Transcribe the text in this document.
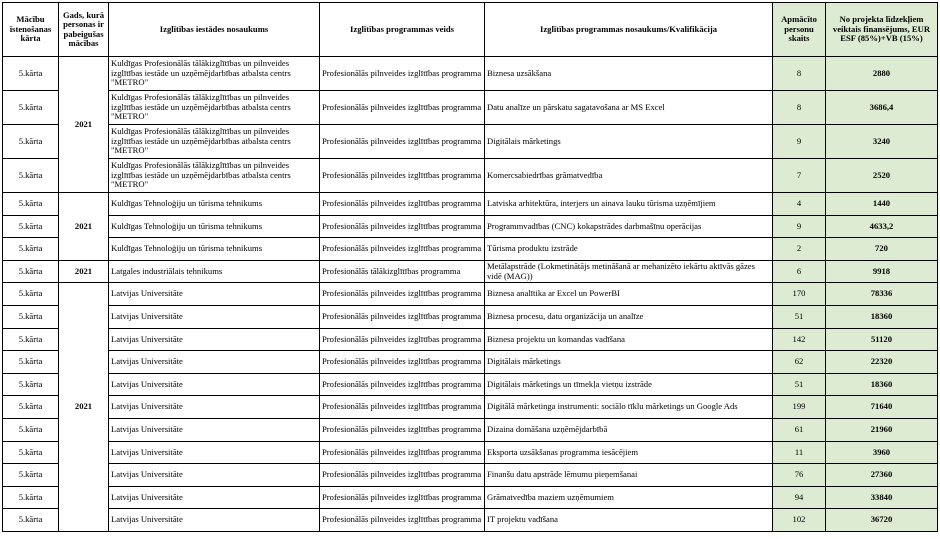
Mācību īstenošanas kārta	Gads, kurā personas ir pabeigušas mācības	Izglītības iestādes nosaukums	Izglītības programmas veids	Izglītības programmas nosaukums/Kvalifikācija	Apmācīto personu skaits	No projekta līdzekļiem veiktais finansējums, EUR ESF (85%)+VB (15%)
5.kārta	2021	Kuldīgas Profesionālās tālākizglītības un pilnveides izglītības iestāde un uzņēmējdarbības atbalsta centrs "METRO"	Profesionālās pilnveides izglītības programma	Biznesa uzsākšana	8	2880
5.kārta		Kuldīgas Profesionālās tālākizglītības un pilnveides izglītības iestāde un uzņēmējdarbības atbalsta centrs "METRO"	Profesionālās pilnveides izglītības programma	Datu analīze un pārskatu sagatavošana ar MS Excel	8	3686,4
5.kārta		Kuldīgas Profesionālās tālākizglītības un pilnveides izglītības iestāde un uzņēmējdarbības atbalsta centrs "METRO"	Profesionālās pilnveides izglītības programma	Digitālais mārketings	9	3240
5.kārta		Kuldīgas Profesionālās tālākizglītības un pilnveides izglītības iestāde un uzņēmējdarbības atbalsta centrs "METRO"	Profesionālās pilnveides izglītības programma	Komercsabiedrības grāmatvedība	7	2520
5.kārta	2021	Kuldīgas Tehnoloģiju un tūrisma tehnikums	Profesionālās pilnveides izglītības programma	Latviska arhitektūra, interjers un ainava lauku tūrisma uzņēmījiem	4	1440
5.kārta		Kuldīgas Tehnoloģiju un tūrisma tehnikums	Profesionālās pilnveides izglītības programma	Programmvadības (CNC) kokapstrādes darbmašīnu operācijas	9	4633,2
5.kārta		Kuldīgas Tehnoloģiju un tūrisma tehnikums	Profesionālās pilnveides izglītības programma	Tūrisma produktu izstrāde	2	720
5.kārta	2021	Latgales industriālais tehnikums	Profesionālās tālākizglītības programma	Metālapstrāde (Lokmetinātājs metināšanā ar mehanizēto iekārtu aktīvās gāzes vidē (MAG))	6	9918
5.kārta	2021	Latvijas Universitāte	Profesionālās pilnveides izglītības programma	Biznesa analītika ar Excel un PowerBI	170	78336
5.kārta		Latvijas Universitāte	Profesionālās pilnveides izglītības programma	Biznesa procesu, datu organizācija un analīze	51	18360
5.kārta		Latvijas Universitāte	Profesionālās pilnveides izglītības programma	Biznesa projektu un komandas vadīšana	142	51120
5.kārta		Latvijas Universitāte	Profesionālās pilnveides izglītības programma	Digitālais mārketings	62	22320
5.kārta		Latvijas Universitāte	Profesionālās pilnveides izglītības programma	Digitālais mārketings un tīmekļa vietņu izstrāde	51	18360
5.kārta		Latvijas Universitāte	Profesionālās pilnveides izglītības programma	Digitālā mārketinga instrumenti: sociālo tīklu mārketings un Google Ads	199	71640
5.kārta		Latvijas Universitāte	Profesionālās pilnveides izglītības programma	Dizaina domāšana uzņēmējdarbībā	61	21960
5.kārta		Latvijas Universitāte	Profesionālās pilnveides izglītības programma	Eksporta uzsākšanas programma iesācējiem	11	3960
5.kārta		Latvijas Universitāte	Profesionālās pilnveides izglītības programma	Finanšu datu apstrāde lēmumu pieņemšanai	76	27360
5.kārta		Latvijas Universitāte	Profesionālās pilnveides izglītības programma	Grāmatvedība maziem uzņēmumiem	94	33840
5.kārta		Latvijas Universitāte	Profesionālās pilnveides izglītības programma	IT projektu vadīšana	102	36720
